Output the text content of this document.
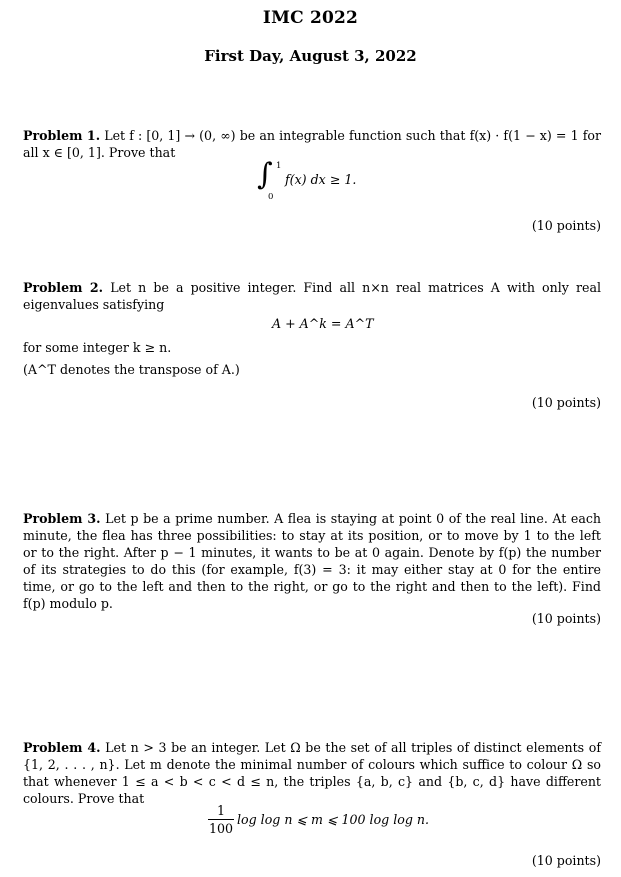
IMC 2022
First Day, August 3, 2022

Problem 1. Let f : [0, 1] → (0, ∞) be an integrable function such that f(x) · f(1 − x) = 1 for all x ∈ [0, 1]. Prove that

∫ 1
0
f(x) dx ≥ 1.
(10 points)

Problem 2. Let n be a positive integer. Find all n×n real matrices A with only real eigenvalues satisfying

A + A^k = A^T

for some integer k ≥ n.

(A^T denotes the transpose of A.)

(10 points)

Problem 3. Let p be a prime number. A flea is staying at point 0 of the real line. At each minute, the flea has three possibilities: to stay at its position, or to move by 1 to the left or to the right. After p − 1 minutes, it wants to be at 0 again. Denote by f(p) the number of its strategies to do this (for example, f(3) = 3: it may either stay at 0 for the entire time, or go to the left and then to the right, or go to the right and then to the left). Find f(p) modulo p.

(10 points)

Problem 4. Let n > 3 be an integer. Let Ω be the set of all triples of distinct elements of {1, 2, . . . , n}. Let m denote the minimal number of colours which suffice to colour Ω so that whenever 1 ≤ a < b < c < d ≤ n, the triples {a, b, c} and {b, c, d} have different colours. Prove that

1
100
log log n ⩽ m ⩽ 100 log log n.
(10 points)
